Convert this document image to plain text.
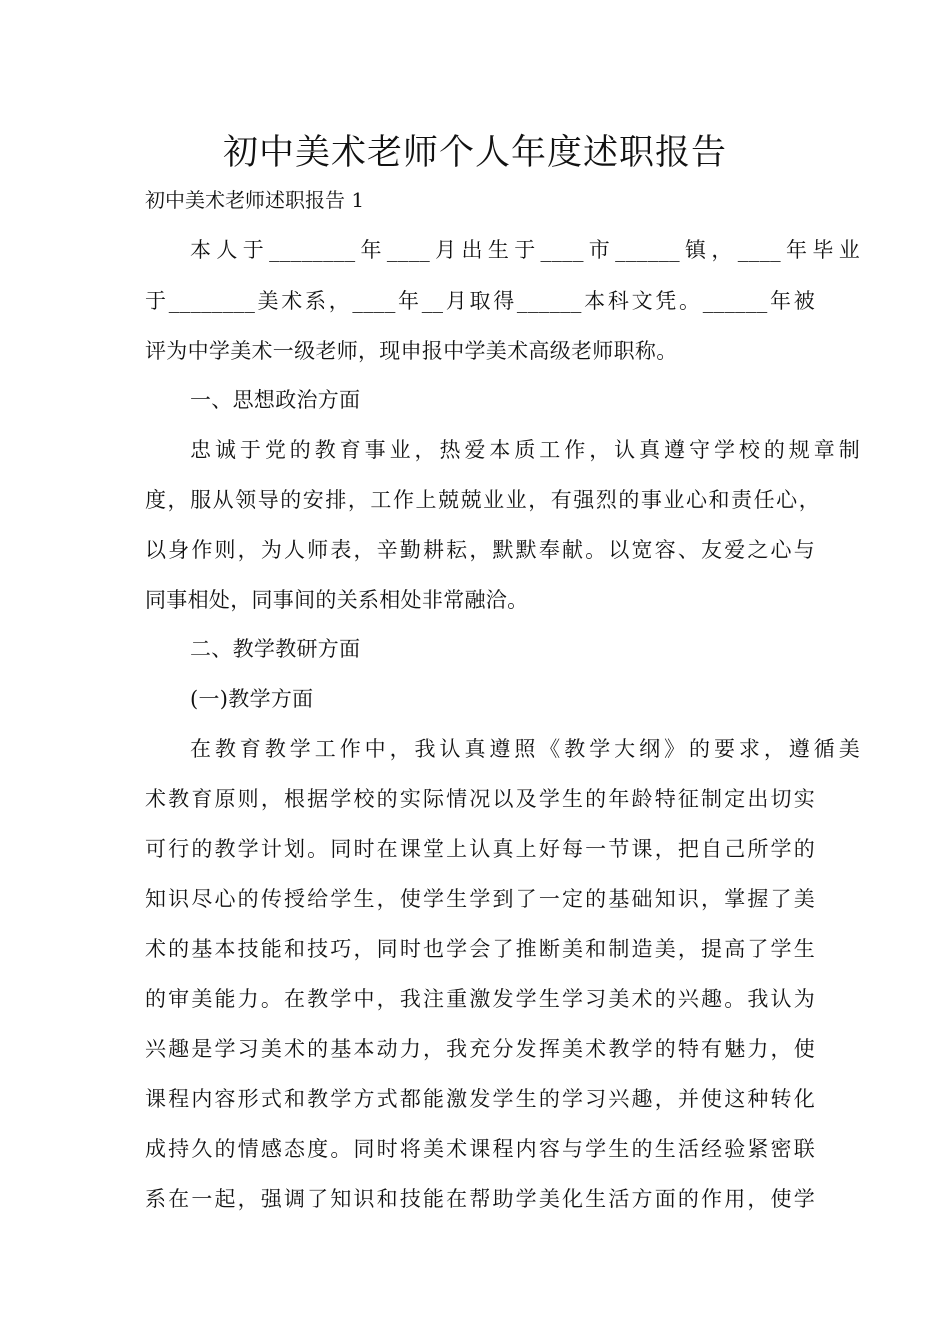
初中美术老师个人年度述职报告

初中美术老师述职报告 1

本人于________年____月出生于____市______镇，____年毕业

于________美术系，____年__月取得______本科文凭。______年被

评为中学美术一级老师，现申报中学美术高级老师职称。

一、思想政治方面

忠诚于党的教育事业，热爱本质工作，认真遵守学校的规章制

度，服从领导的安排，工作上兢兢业业，有强烈的事业心和责任心，

以身作则，为人师表，辛勤耕耘，默默奉献。以宽容、友爱之心与

同事相处，同事间的关系相处非常融洽。

二、教学教研方面

(一)教学方面

在教育教学工作中，我认真遵照《教学大纲》的要求，遵循美

术教育原则，根据学校的实际情况以及学生的年龄特征制定出切实

可行的教学计划。同时在课堂上认真上好每一节课，把自己所学的

知识尽心的传授给学生，使学生学到了一定的基础知识，掌握了美

术的基本技能和技巧，同时也学会了推断美和制造美，提高了学生

的审美能力。在教学中，我注重激发学生学习美术的兴趣。我认为

兴趣是学习美术的基本动力，我充分发挥美术教学的特有魅力，使

课程内容形式和教学方式都能激发学生的学习兴趣，并使这种转化

成持久的情感态度。同时将美术课程内容与学生的生活经验紧密联

系在一起，强调了知识和技能在帮助学美化生活方面的作用，使学
